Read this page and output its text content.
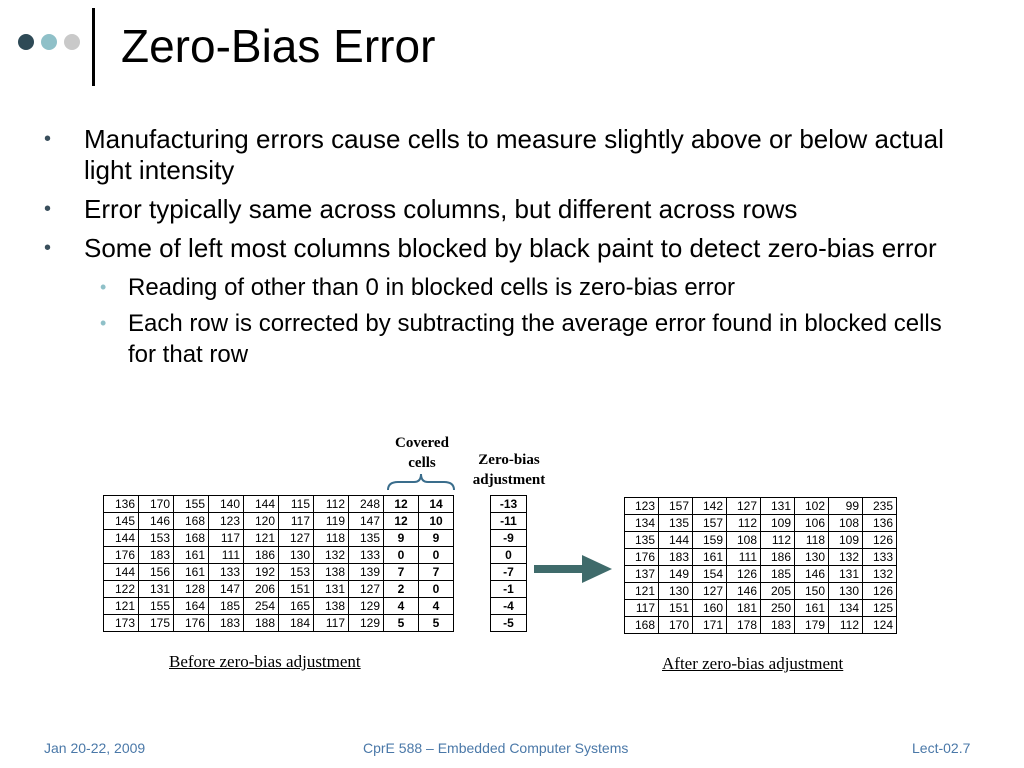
Zero-Bias Error
• Manufacturing errors cause cells to measure slightly above or below actual light intensity
• Error typically same across columns, but different across rows
• Some of left most columns blocked by black paint to detect zero-bias error
• Reading of other than 0 in blocked cells is zero-bias error
• Each row is corrected by subtracting the average error found in blocked cells for that row
Covered cells	Zero-bias adjustment
136	170	155	140	144	115	112	248	12	14
145	146	168	123	120	117	119	147	12	10
144	153	168	117	121	127	118	135	9	9
176	183	161	111	186	130	132	133	0	0
144	156	161	133	192	153	138	139	7	7
122	131	128	147	206	151	131	127	2	0
121	155	164	185	254	165	138	129	4	4
173	175	176	183	188	184	117	129	5	5
-13
-11
-9
0
-7
-1
-4
-5
123	157	142	127	131	102	99	235
134	135	157	112	109	106	108	136
135	144	159	108	112	118	109	126
176	183	161	111	186	130	132	133
137	149	154	126	185	146	131	132
121	130	127	146	205	150	130	126
117	151	160	181	250	161	134	125
168	170	171	178	183	179	112	124
Before zero-bias adjustment	After zero-bias adjustment
Jan 20-22, 2009	CprE 588 – Embedded Computer Systems	Lect-02.7
